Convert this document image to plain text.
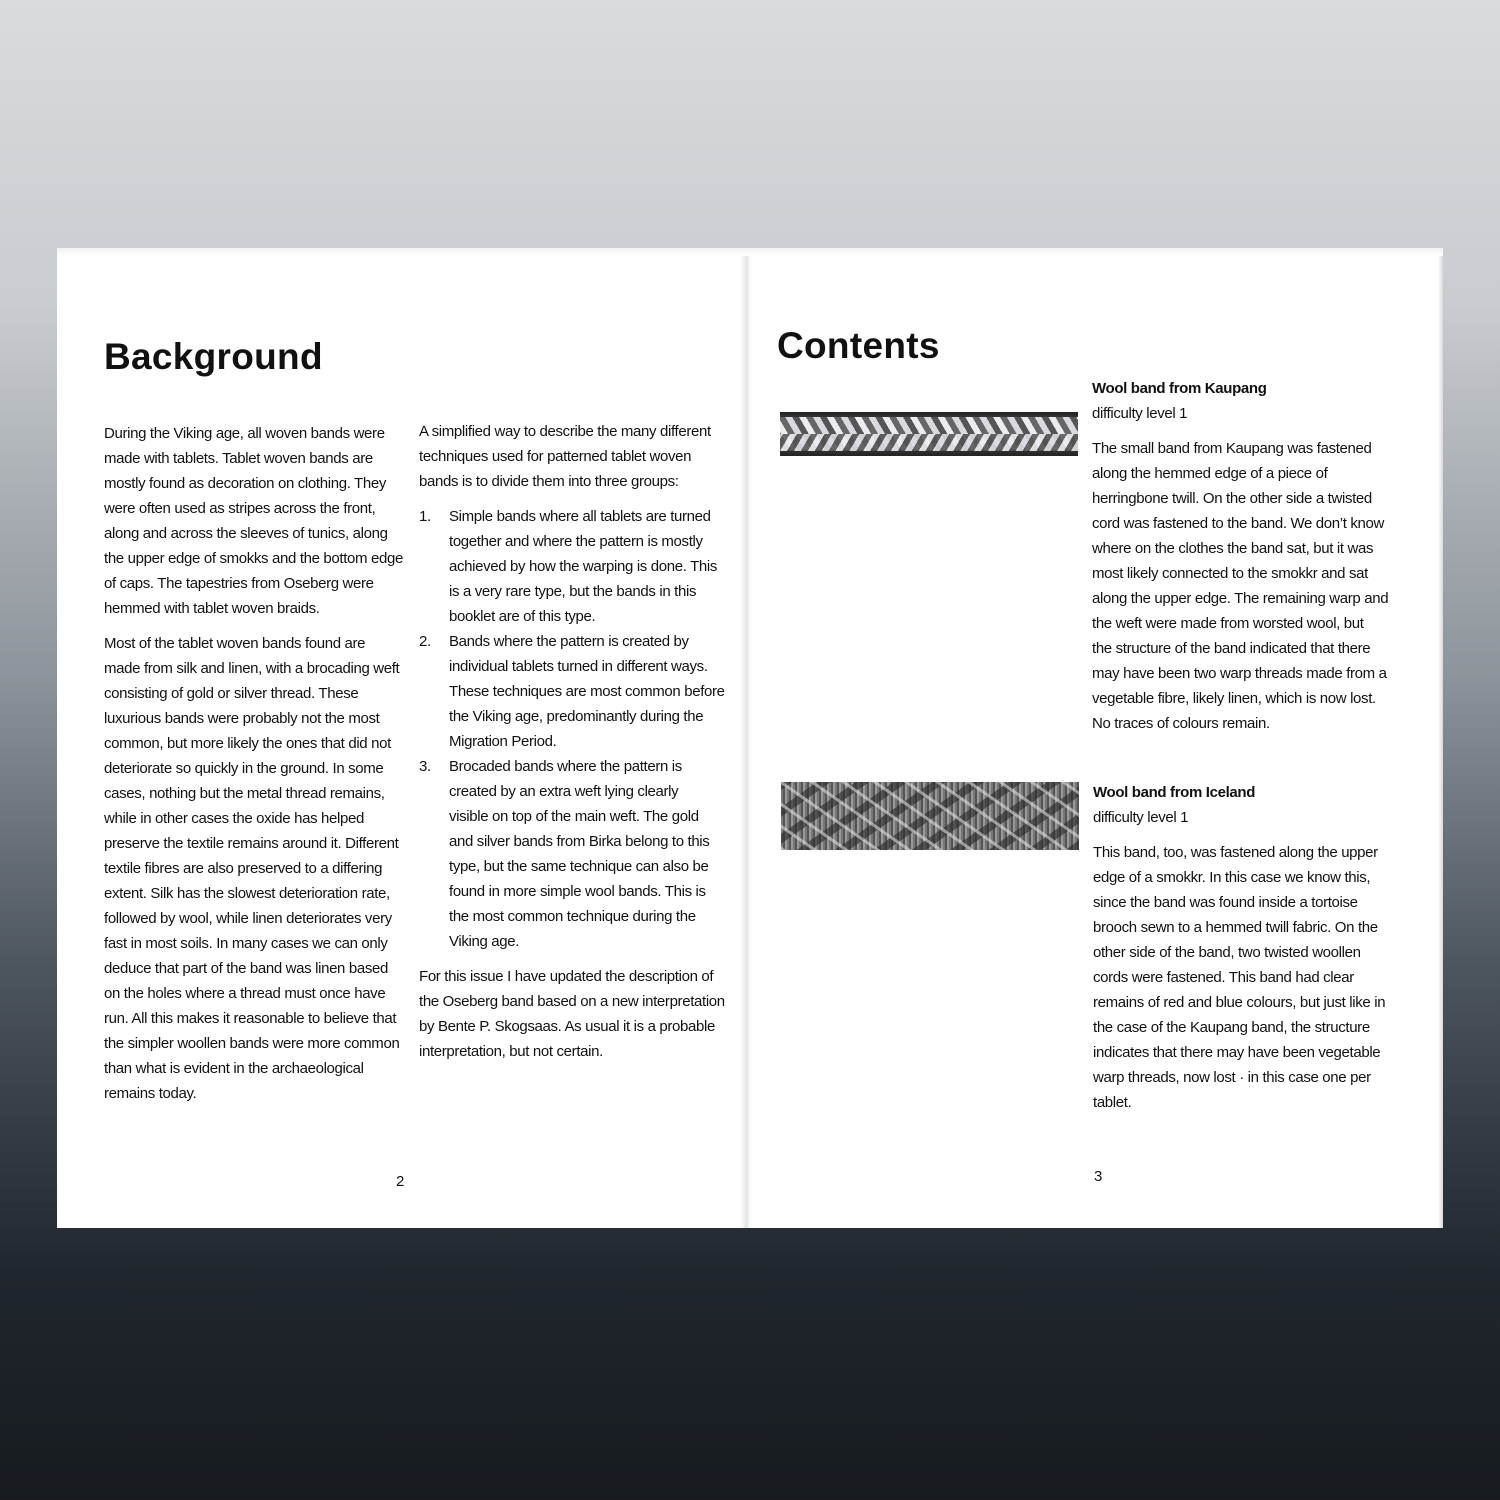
Background
During the Viking age, all woven bands were
made with tablets. Tablet woven bands are
mostly found as decoration on clothing. They
were often used as stripes across the front,
along and across the sleeves of tunics, along
the upper edge of smokks and the bottom edge
of caps. The tapestries from Oseberg were
hemmed with tablet woven braids.
Most of the tablet woven bands found are
made from silk and linen, with a brocading weft
consisting of gold or silver thread. These
luxurious bands were probably not the most
common, but more likely the ones that did not
deteriorate so quickly in the ground. In some
cases, nothing but the metal thread remains,
while in other cases the oxide has helped
preserve the textile remains around it. Different
textile fibres are also preserved to a differing
extent. Silk has the slowest deterioration rate,
followed by wool, while linen deteriorates very
fast in most soils. In many cases we can only
deduce that part of the band was linen based
on the holes where a thread must once have
run. All this makes it reasonable to believe that
the simpler woollen bands were more common
than what is evident in the archaeological
remains today.
A simplified way to describe the many different
techniques used for patterned tablet woven
bands is to divide them into three groups:
1. Simple bands where all tablets are turned
together and where the pattern is mostly
achieved by how the warping is done. This
is a very rare type, but the bands in this
booklet are of this type.
2. Bands where the pattern is created by
individual tablets turned in different ways.
These techniques are most common before
the Viking age, predominantly during the
Migration Period.
3. Brocaded bands where the pattern is
created by an extra weft lying clearly
visible on top of the main weft. The gold
and silver bands from Birka belong to this
type, but the same technique can also be
found in more simple wool bands. This is
the most common technique during the
Viking age.
For this issue I have updated the description of
the Oseberg band based on a new interpretation
by Bente P. Skogsaas. As usual it is a probable
interpretation, but not certain.
2
Contents
Wool band from Kaupang
difficulty level 1
The small band from Kaupang was fastened
along the hemmed edge of a piece of
herringbone twill. On the other side a twisted
cord was fastened to the band. We don’t know
where on the clothes the band sat, but it was
most likely connected to the smokkr and sat
along the upper edge. The remaining warp and
the weft were made from worsted wool, but
the structure of the band indicated that there
may have been two warp threads made from a
vegetable fibre, likely linen, which is now lost.
No traces of colours remain.
Wool band from Iceland
difficulty level 1
This band, too, was fastened along the upper
edge of a smokkr. In this case we know this,
since the band was found inside a tortoise
brooch sewn to a hemmed twill fabric. On the
other side of the band, two twisted woollen
cords were fastened. This band had clear
remains of red and blue colours, but just like in
the case of the Kaupang band, the structure
indicates that there may have been vegetable
warp threads, now lost · in this case one per
tablet.
3
